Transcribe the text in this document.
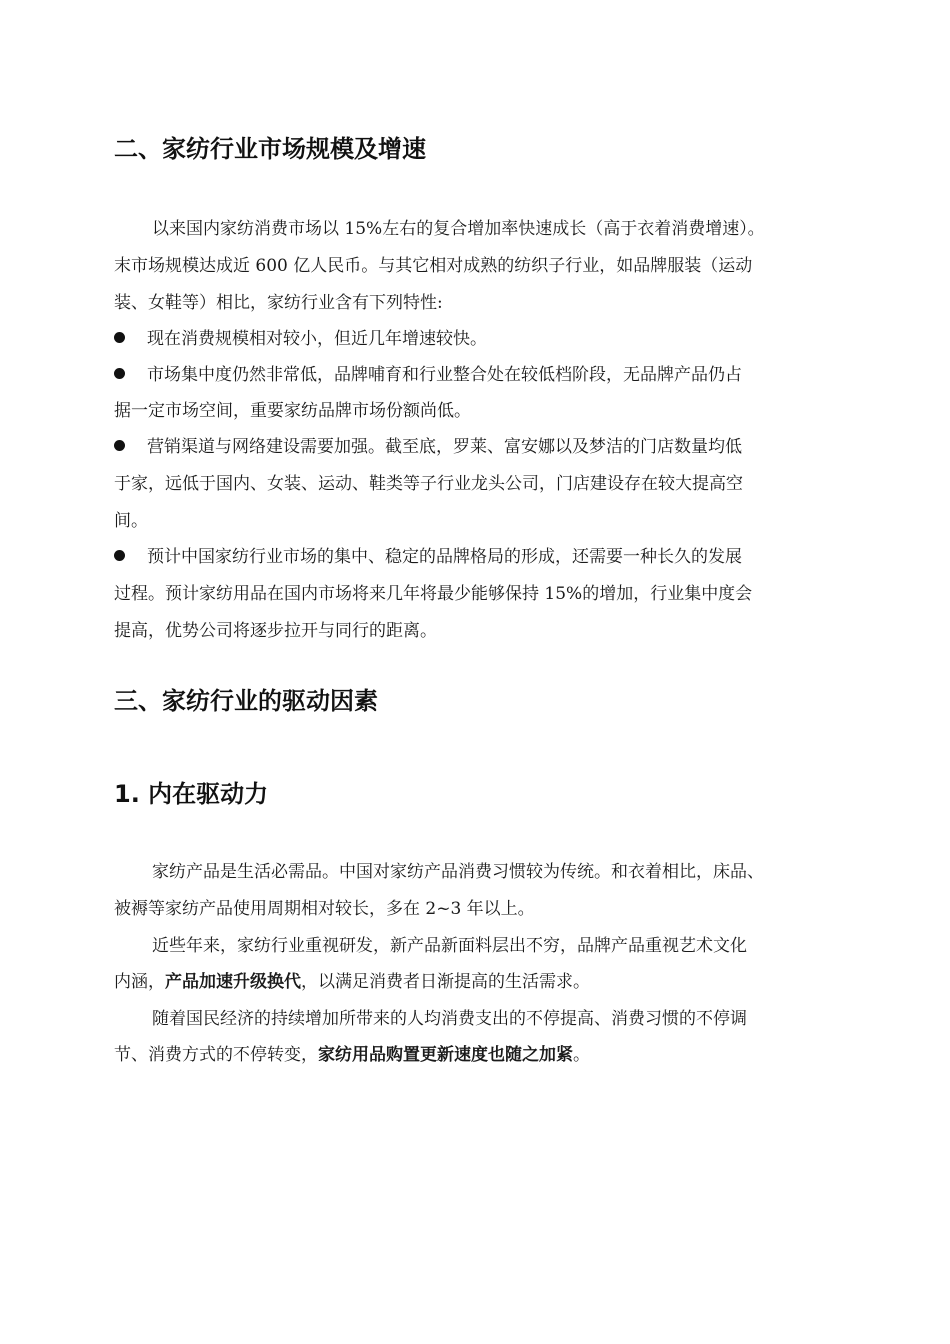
二、家纺行业市场规模及增速

以来国内家纺消费市场以 15%左右的复合增加率快速成长（高于衣着消费增速）。

末市场规模达成近 600 亿人民币。与其它相对成熟的纺织子行业，如品牌服装（运动

装、女鞋等）相比，家纺行业含有下列特性:

现在消费规模相对较小，但近几年增速较快。

市场集中度仍然非常低，品牌哺育和行业整合处在较低档阶段，无品牌产品仍占

据一定市场空间，重要家纺品牌市场份额尚低。

营销渠道与网络建设需要加强。截至底，罗莱、富安娜以及梦洁的门店数量均低

于家，远低于国内、女装、运动、鞋类等子行业龙头公司，门店建设存在较大提高空

间。

预计中国家纺行业市场的集中、稳定的品牌格局的形成，还需要一种长久的发展

过程。预计家纺用品在国内市场将来几年将最少能够保持 15%的增加，行业集中度会

提高，优势公司将逐步拉开与同行的距离。

三、家纺行业的驱动因素
1. 内在驱动力

家纺产品是生活必需品。中国对家纺产品消费习惯较为传统。和衣着相比，床品、

被褥等家纺产品使用周期相对较长，多在 2~3 年以上。

近些年来，家纺行业重视研发，新产品新面料层出不穷，品牌产品重视艺术文化

内涵，产品加速升级换代，以满足消费者日渐提高的生活需求。

随着国民经济的持续增加所带来的人均消费支出的不停提高、消费习惯的不停调

节、消费方式的不停转变，家纺用品购置更新速度也随之加紧。
